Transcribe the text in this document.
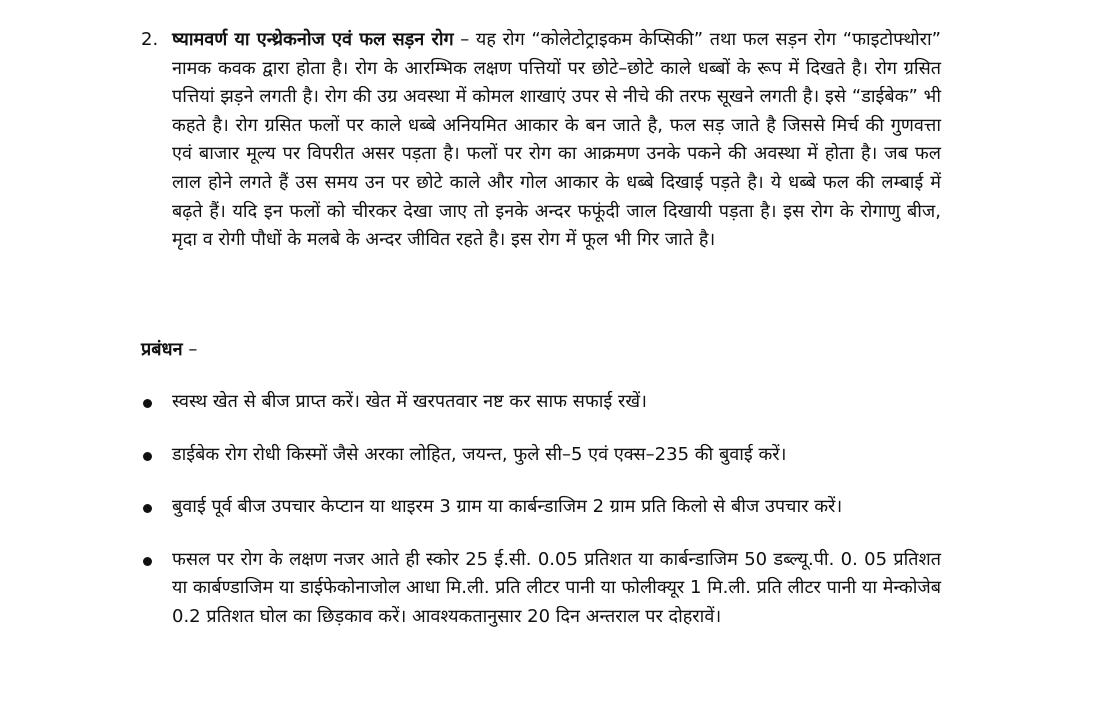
2. ष्यामवर्ण या एन्थ्रेकनोज एवं फल सड़न रोग – यह रोग “कोलेटोट्राइकम केप्सिकी” तथा फल सड़न रोग “फाइटोफ्थोरा” नामक कवक द्वारा होता है। रोग के आरम्भिक लक्षण पत्तियों पर छोटे–छोटे काले धब्बों के रूप में दिखते है। रोग ग्रसित पत्तियां झड़ने लगती है। रोग की उग्र अवस्था में कोमल शाखाएं उपर से नीचे की तरफ सूखने लगती है। इसे “डाईबेक” भी कहते है। रोग ग्रसित फलों पर काले धब्बे अनियमित आकार के बन जाते है, फल सड़ जाते है जिससे मिर्च की गुणवत्ता एवं बाजार मूल्य पर विपरीत असर पड़ता है। फलों पर रोग का आक्रमण उनके पकने की अवस्था में होता है। जब फल लाल होने लगते हैं उस समय उन पर छोटे काले और गोल आकार के धब्बे दिखाई पड़ते है। ये धब्बे फल की लम्बाई में बढ़ते हैं। यदि इन फलों को चीरकर देखा जाए तो इनके अन्दर फफूंदी जाल दिखायी पड़ता है। इस रोग के रोगाणु बीज, मृदा व रोगी पौधों के मलबे के अन्दर जीवित रहते है। इस रोग में फूल भी गिर जाते है।

प्रबंधन –
स्वस्थ खेत से बीज प्राप्त करें। खेत में खरपतवार नष्ट कर साफ सफाई रखें।
डाईबेक रोग रोधी किस्मों जैसे अरका लोहित, जयन्त, फुले सी–5 एवं एक्स–235 की बुवाई करें।
बुवाई पूर्व बीज उपचार केप्टान या थाइरम 3 ग्राम या कार्बन्डाजिम 2 ग्राम प्रति किलो से बीज उपचार करें।
फसल पर रोग के लक्षण नजर आते ही स्कोर 25 ई.सी. 0.05 प्रतिशत या कार्बन्डाजिम 50 डब्ल्यू.पी. 0. 05 प्रतिशत या कार्बण्डाजिम या डाईफेकोनाजोल आधा मि.ली. प्रति लीटर पानी या फोलीक्यूर 1 मि.ली. प्रति लीटर पानी या मेन्कोजेब 0.2 प्रतिशत घोल का छिड़काव करें। आवश्यकतानुसार 20 दिन अन्तराल पर दोहरावें।
